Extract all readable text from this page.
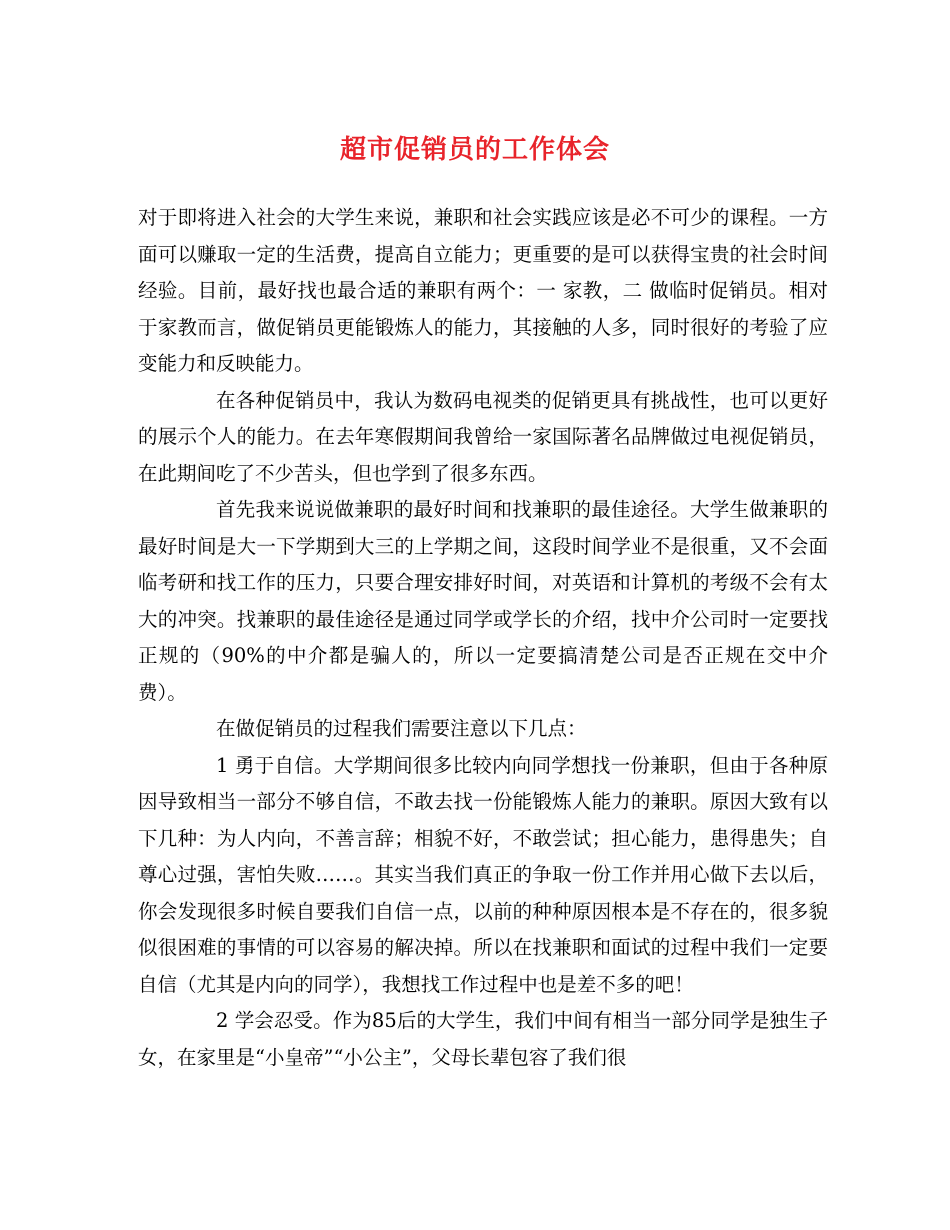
超市促销员的工作体会

对于即将进入社会的大学生来说，兼职和社会实践应该是必不可少的课程。一方面可以赚取一定的生活费，提高自立能力；更重要的是可以获得宝贵的社会时间经验。目前，最好找也最合适的兼职有两个：一 家教，二 做临时促销员。相对于家教而言，做促销员更能锻炼人的能力，其接触的人多，同时很好的考验了应变能力和反映能力。

在各种促销员中，我认为数码电视类的促销更具有挑战性，也可以更好的展示个人的能力。在去年寒假期间我曾给一家国际著名品牌做过电视促销员，在此期间吃了不少苦头，但也学到了很多东西。

首先我来说说做兼职的最好时间和找兼职的最佳途径。大学生做兼职的最好时间是大一下学期到大三的上学期之间，这段时间学业不是很重，又不会面临考研和找工作的压力，只要合理安排好时间，对英语和计算机的考级不会有太大的冲突。找兼职的最佳途径是通过同学或学长的介绍，找中介公司时一定要找正规的（90%的中介都是骗人的，所以一定要搞清楚公司是否正规在交中介费）。

在做促销员的过程我们需要注意以下几点：

1 勇于自信。大学期间很多比较内向同学想找一份兼职，但由于各种原因导致相当一部分不够自信，不敢去找一份能锻炼人能力的兼职。原因大致有以下几种：为人内向，不善言辞；相貌不好，不敢尝试；担心能力，患得患失；自尊心过强，害怕失败……。其实当我们真正的争取一份工作并用心做下去以后，你会发现很多时候自要我们自信一点，以前的种种原因根本是不存在的，很多貌似很困难的事情的可以容易的解决掉。所以在找兼职和面试的过程中我们一定要自信（尤其是内向的同学），我想找工作过程中也是差不多的吧！

2 学会忍受。作为85后的大学生，我们中间有相当一部分同学是独生子女，在家里是“小皇帝”“小公主”，父母长辈包容了我们很
